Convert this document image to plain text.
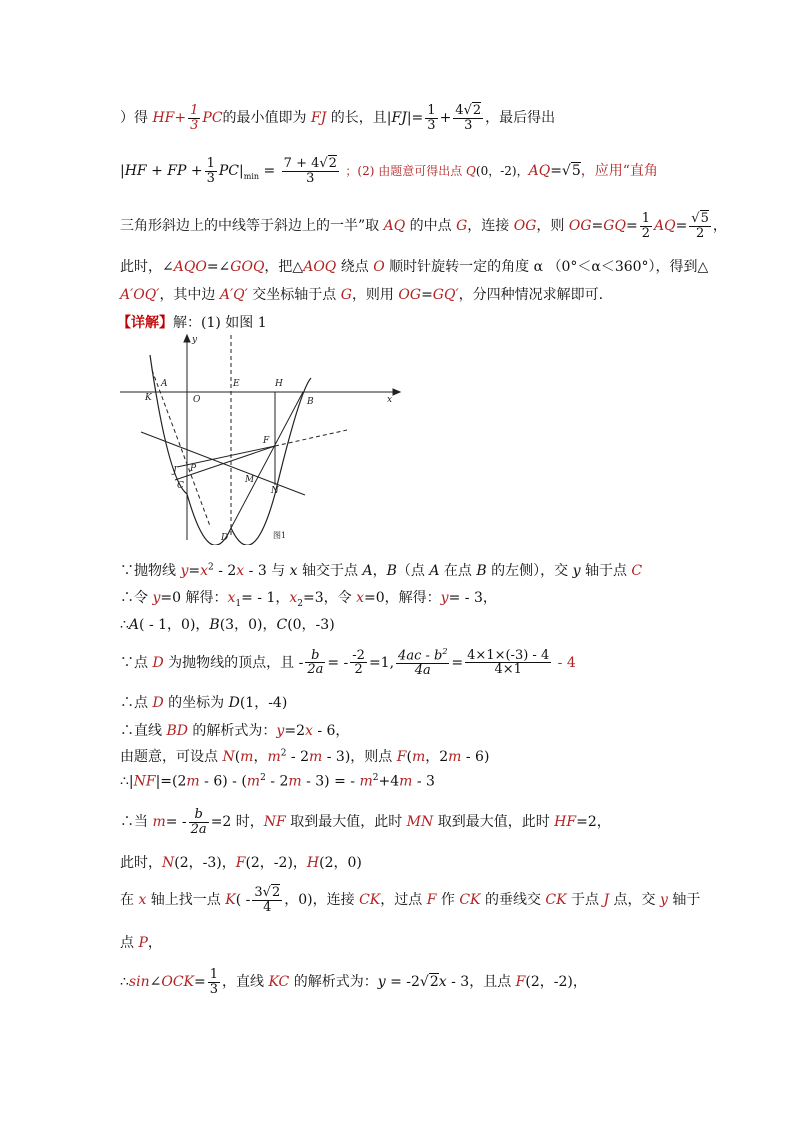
）得 $HF+ \frac{1}{3}$ PC的最小值即为 FJ 的长，且$|FJ|= \frac{1}{3} + \frac{4√2}{3}$ ，最后得出
|HF + FP + $\frac{1}{3} PC|_{min} = \frac{7 + 4√2}{3}$ ；(2) 由题意可得出点 Q(0，-2)，AQ=√5，应用“直角
三角形斜边上的中线等于斜边上的一半”取 AQ 的中点 G，连接 OG，则 $OG=GQ= \frac{1}{2} AQ= \frac{√5}{2}$ ，
此时，∠AQO=∠GOQ，把△AOQ 绕点 O 顺时针旋转一定的角度 α （0°＜α＜360°），得到△
A′OQ′，其中边 A′Q′ 交坐标轴于点 G，则用 OG=GQ′，分四种情况求解即可.
【详解】解：(1) 如图 1
y
x
A
K	O
E	H
B
F
J P
C
M
N
D	图1
∵抛物线 $y=x^2 - 2x - 3$ 与 x 轴交于点 A，B（点 A 在点 B 的左侧），交 y 轴于点 C
∴令 y=0 解得：$x_1= - 1$，$x_2=3$，令 x=0，解得：y= - 3，
∴A( - 1，0)，B(3，0)，C(0，-3)
∵点 D 为抛物线的顶点，且 - $\frac{b}{2a}$ = - $\frac{-2}{2} =1$, $\frac{4ac - b^2}{4a} = \frac{4\times 1\times(-3) - 4}{4\times 1} - 4$
∴点 D 的坐标为 D(1，-4)
∴直线 BD 的解析式为：y=2x - 6，
由题意，可设点 N(m，$m^2 - 2m - 3$)，则点 F(m，2m - 6)
∴|NF|=(2m - $6) - (m^2 - 2m - 3)$ = - $m^2+4m - 3$
∴当 $m= - \frac{b}{2a} =2$ 时，NF 取到最大值，此时 MN 取到最大值，此时 HF=2，
此时，N(2，-3)，F(2，-2)，H(2，0)
在 x 轴上找一点 $K( - \frac{3√2}{4}$ ，0)，连接 CK，过点 F 作 CK 的垂线交 CK 于点 J 点，交 y 轴于
点 P，
∴sin∠OCK= $\frac{1}{3}$ ，直线 KC 的解析式为：y = -2√2x - 3，且点 F(2，-2)，
